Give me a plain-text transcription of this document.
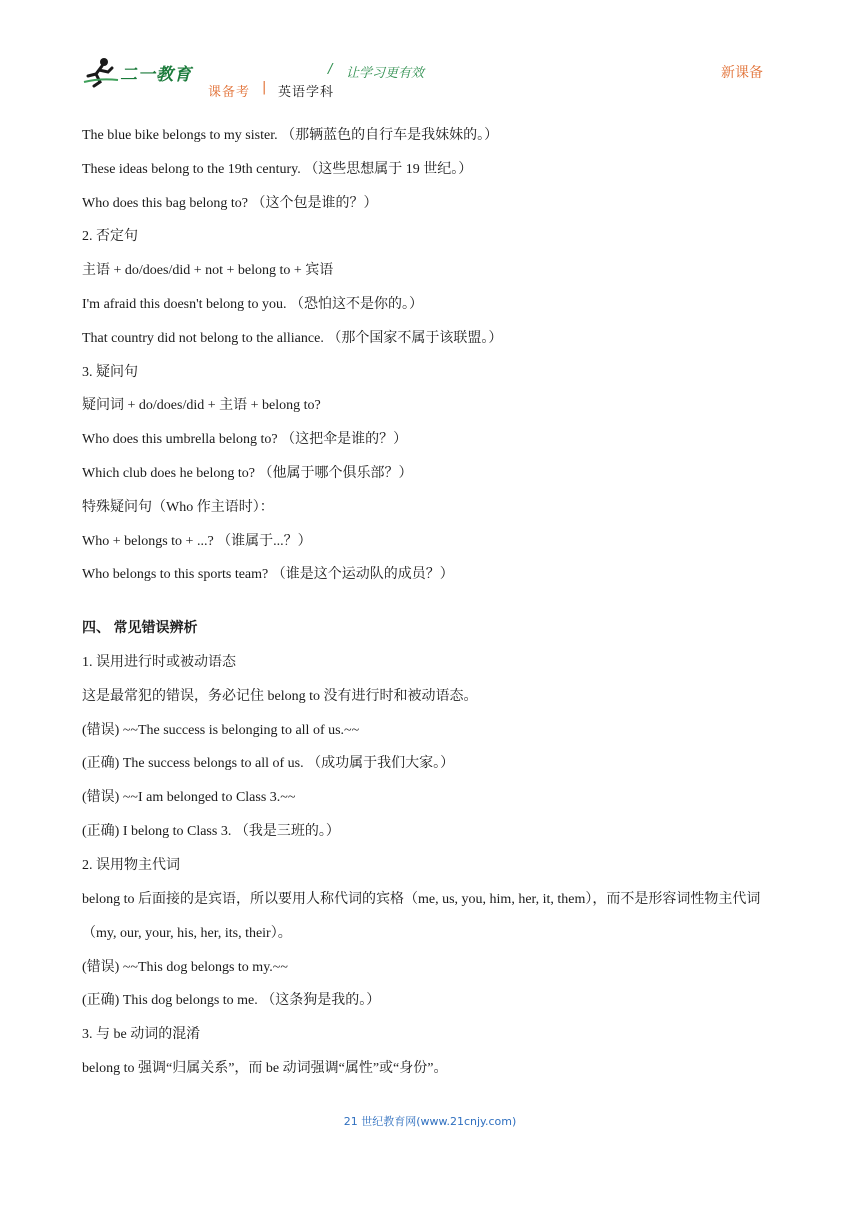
二一教育	/ 让学习更有效	新课备
课备考 | 英语学科
The blue bike belongs to my sister. （那辆蓝色的自行车是我妹妹的。）
These ideas belong to the 19th century. （这些思想属于 19 世纪。）
Who does this bag belong to? （这个包是谁的？）
2. 否定句
主语 + do/does/did + not + belong to + 宾语
I'm afraid this doesn't belong to you. （恐怕这不是你的。）
That country did not belong to the alliance. （那个国家不属于该联盟。）
3. 疑问句
疑问词 + do/does/did + 主语 + belong to?
Who does this umbrella belong to? （这把伞是谁的？）
Which club does he belong to? （他属于哪个俱乐部？）
特殊疑问句（Who 作主语时）：
Who + belongs to + ...? （谁属于...？）
Who belongs to this sports team? （谁是这个运动队的成员？）
四、 常见错误辨析
1. 误用进行时或被动语态
这是最常犯的错误，务必记住 belong to 没有进行时和被动语态。
(错误) ~~The success is belonging to all of us.~~
(正确) The success belongs to all of us. （成功属于我们大家。）
(错误) ~~I am belonged to Class 3.~~
(正确) I belong to Class 3. （我是三班的。）
2. 误用物主代词
belong to 后面接的是宾语，所以要用人称代词的宾格（me, us, you, him, her, it, them），而不是形容词性物主代词（my, our, your, his, her, its, their）。
(错误) ~~This dog belongs to my.~~
(正确) This dog belongs to me. （这条狗是我的。）
3. 与 be 动词的混淆
belong to 强调“归属关系”，而 be 动词强调“属性”或“身份”。
21 世纪教育网(www.21cnjy.com)
